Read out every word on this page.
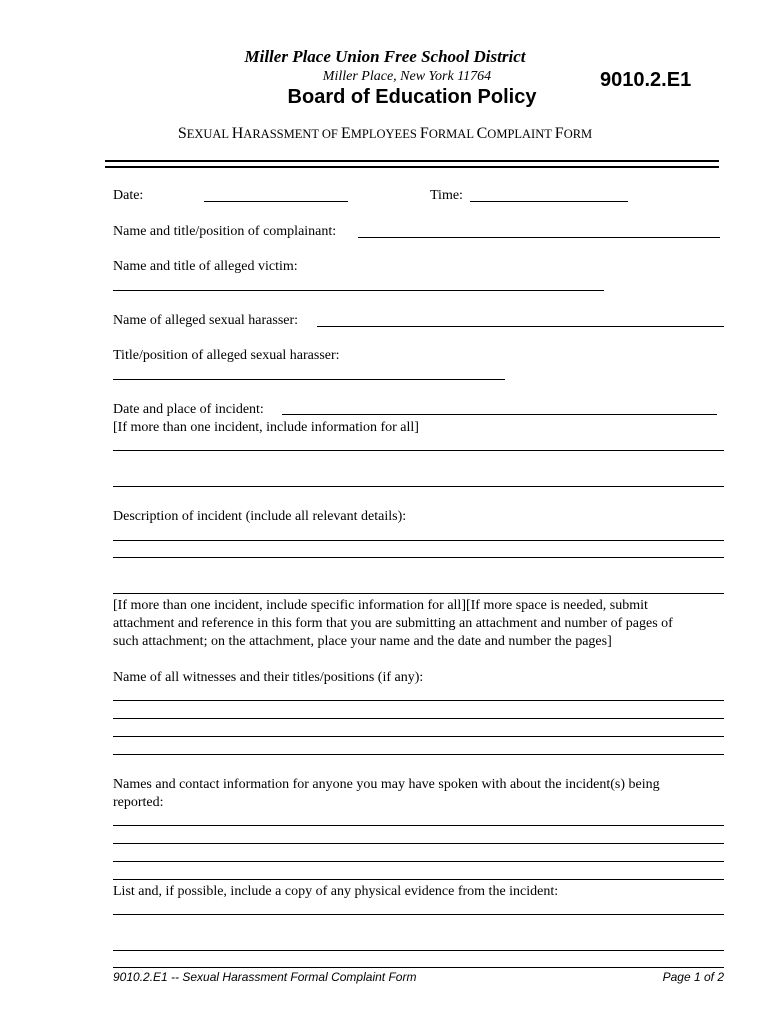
Miller Place Union Free School District
Miller Place, New York 11764	9010.2.E1
Board of Education Policy
SEXUAL HARASSMENT OF EMPLOYEES FORMAL COMPLAINT FORM
Date:	Time:
Name and title/position of complainant:
Name and title of alleged victim:
Name of alleged sexual harasser:
Title/position of alleged sexual harasser:
Date and place of incident:
[If more than one incident, include information for all]
Description of incident (include all relevant details):
[If more than one incident, include specific information for all][If more space is needed, submit
attachment and reference in this form that you are submitting an attachment and number of pages of
such attachment; on the attachment, place your name and the date and number the pages]
Name of all witnesses and their titles/positions (if any):
Names and contact information for anyone you may have spoken with about the incident(s) being
reported:
List and, if possible, include a copy of any physical evidence from the incident:
9010.2.E1 -- Sexual Harassment Formal Complaint Form	Page 1 of 2
